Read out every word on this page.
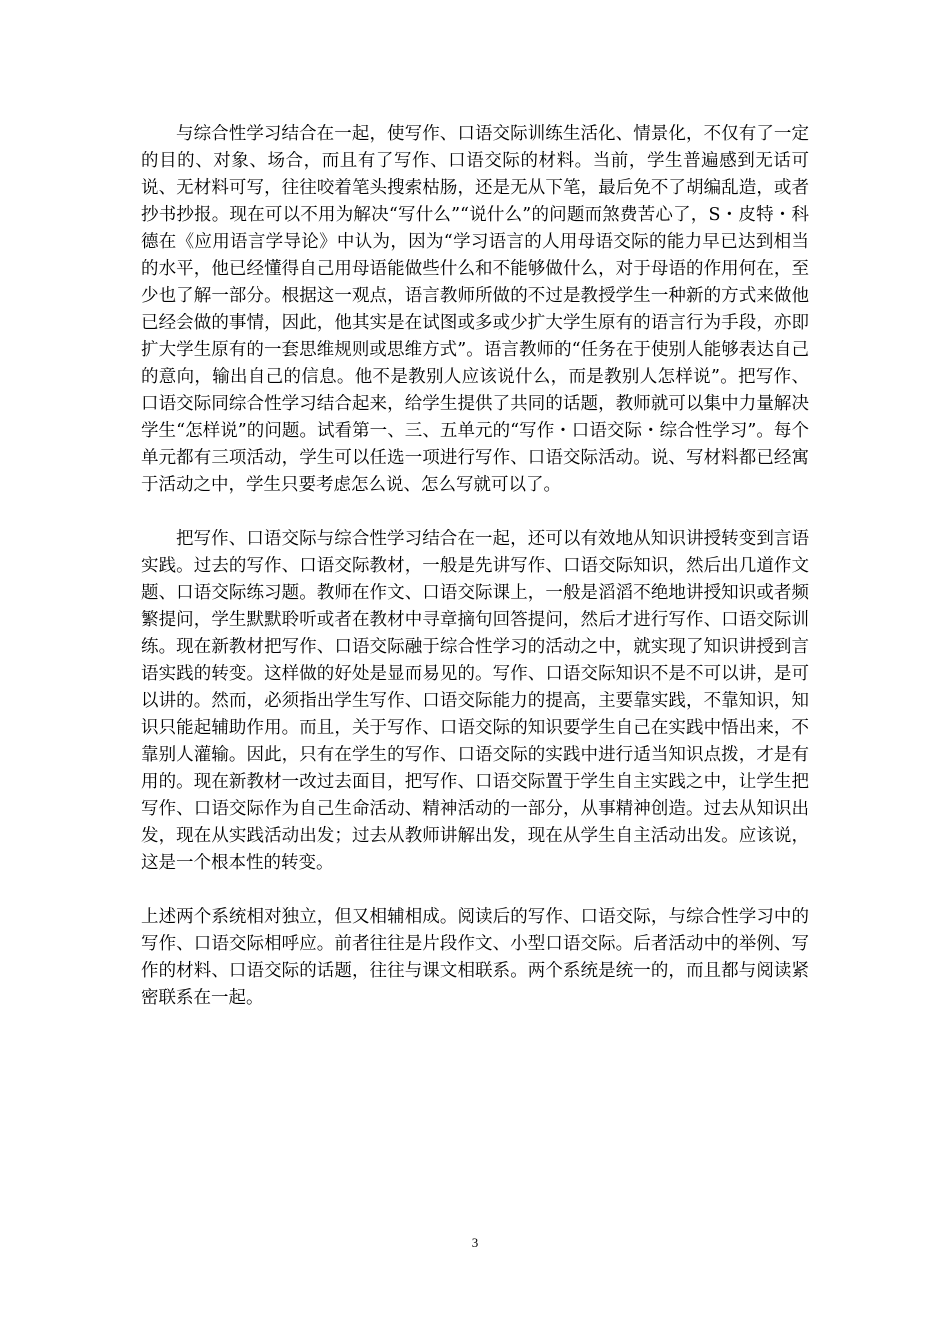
与综合性学习结合在一起，使写作、口语交际训练生活化、情景化，不仅有了一定的目的、对象、场合，而且有了写作、口语交际的材料。当前，学生普遍感到无话可说、无材料可写，往往咬着笔头搜索枯肠，还是无从下笔，最后免不了胡编乱造，或者抄书抄报。现在可以不用为解决“写什么”“说什么”的问题而煞费苦心了，S・皮特・科德在《应用语言学导论》中认为，因为“学习语言的人用母语交际的能力早已达到相当的水平，他已经懂得自己用母语能做些什么和不能够做什么，对于母语的作用何在，至少也了解一部分。根据这一观点，语言教师所做的不过是教授学生一种新的方式来做他已经会做的事情，因此，他其实是在试图或多或少扩大学生原有的语言行为手段，亦即扩大学生原有的一套思维规则或思维方式”。语言教师的“任务在于使别人能够表达自己的意向，输出自己的信息。他不是教别人应该说什么，而是教别人怎样说”。把写作、口语交际同综合性学习结合起来，给学生提供了共同的话题，教师就可以集中力量解决学生“怎样说”的问题。试看第一、三、五单元的“写作・口语交际・综合性学习”。每个单元都有三项活动，学生可以任选一项进行写作、口语交际活动。说、写材料都已经寓于活动之中，学生只要考虑怎么说、怎么写就可以了。

把写作、口语交际与综合性学习结合在一起，还可以有效地从知识讲授转变到言语实践。过去的写作、口语交际教材，一般是先讲写作、口语交际知识，然后出几道作文题、口语交际练习题。教师在作文、口语交际课上，一般是滔滔不绝地讲授知识或者频繁提问，学生默默聆听或者在教材中寻章摘句回答提问，然后才进行写作、口语交际训练。现在新教材把写作、口语交际融于综合性学习的活动之中，就实现了知识讲授到言语实践的转变。这样做的好处是显而易见的。写作、口语交际知识不是不可以讲，是可以讲的。然而，必须指出学生写作、口语交际能力的提高，主要靠实践，不靠知识，知识只能起辅助作用。而且，关于写作、口语交际的知识要学生自己在实践中悟出来，不靠别人灌输。因此，只有在学生的写作、口语交际的实践中进行适当知识点拨，才是有用的。现在新教材一改过去面目，把写作、口语交际置于学生自主实践之中，让学生把写作、口语交际作为自己生命活动、精神活动的一部分，从事精神创造。过去从知识出发，现在从实践活动出发；过去从教师讲解出发，现在从学生自主活动出发。应该说，这是一个根本性的转变。

上述两个系统相对独立，但又相辅相成。阅读后的写作、口语交际，与综合性学习中的写作、口语交际相呼应。前者往往是片段作文、小型口语交际。后者活动中的举例、写作的材料、口语交际的话题，往往与课文相联系。两个系统是统一的，而且都与阅读紧密联系在一起。

3
